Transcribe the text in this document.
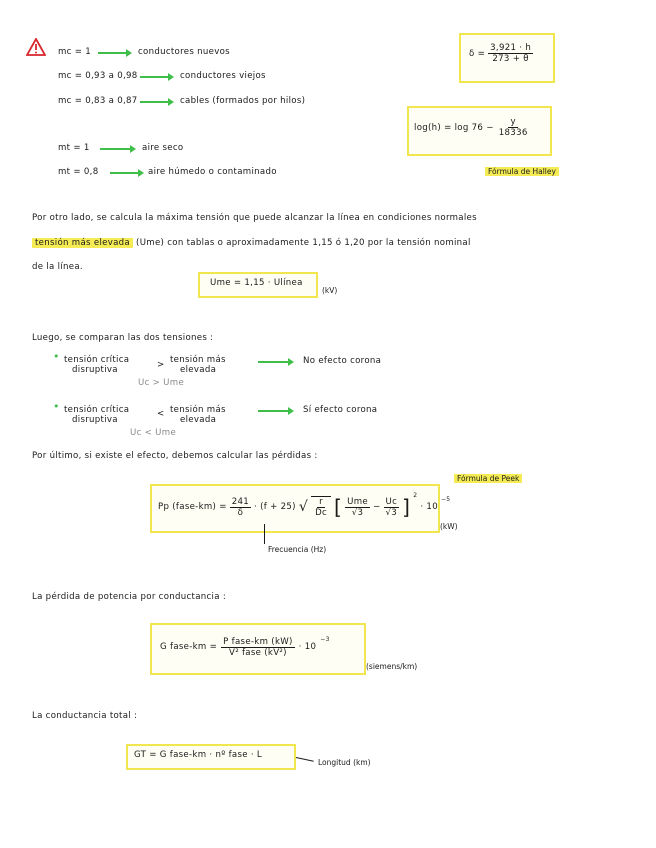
mc = 1	conductores nuevos
mc = 0,93 a 0,98	conductores viejos
mc = 0,83 a 0,87	cables (formados por hilos)
mt = 1	aire seco
mt = 0,8	aire húmedo o contaminado
$\delta = \frac{3,921 \cdot h}{273 + \theta}$
$\log(h) = \log 76 - \frac{y}{18336}$
Fórmula de Halley
Por otro lado, se calcula la máxima tensión que puede alcanzar la línea en condiciones normales
tensión más elevada (Ume) con tablas o aproximadamente 1,15 ó 1,20 por la tensión nominal
de la línea.
Ume = 1,15 · Ulínea
(kV)
Luego, se comparan las dos tensiones :
• tensión crítica
disruptiva	> tensión más
elevada
No efecto corona
Uc > Ume
• tensión crítica
disruptiva
< tensión más
elevada
Sí efecto corona
Uc < Ume
Por último, si existe el efecto, debemos calcular las pérdidas :
Fórmula de Peek
Pp (fase-km) = $\frac{241}{\delta} \cdot (f + 25)$ √ $\frac{r}{Dc}$ [ $\frac{\text{Ume}}{√3} - \frac{Uc}{√3}$ ] $^2$
· 10
$^{-5}$
(kW)
Frecuencia (Hz)
La pérdida de potencia por conductancia :
G fase-km = $\frac{\text{P fase-km (kW)}}{\text{V² fase (kV²)}} \cdot 10$
$^{-3}$
(siemens/km)
La conductancia total :
GT = G fase-km · nº fase · L
Longitud (km)
